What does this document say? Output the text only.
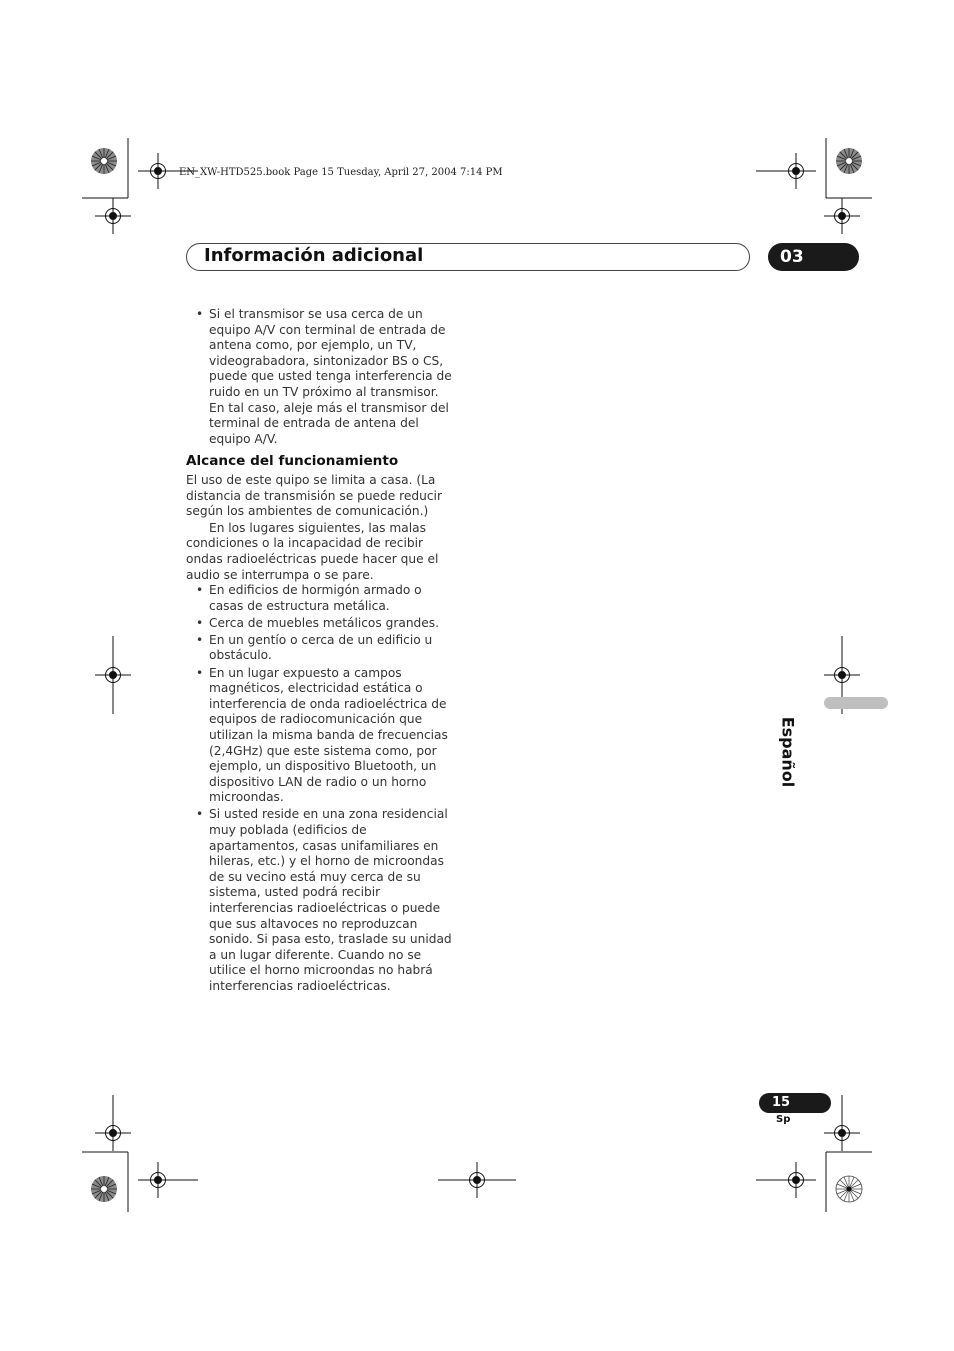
EN_XW-HTD525.book Page 15 Tuesday, April 27, 2004 7:14 PM
Información adicional	03
• Si el transmisor se usa cerca de un equipo A/V con terminal de entrada de antena como, por ejemplo, un TV, videograbadora, sintonizador BS o CS, puede que usted tenga interferencia de ruido en un TV próximo al transmisor. En tal caso, aleje más el transmisor del terminal de entrada de antena del equipo A/V.
Alcance del funcionamiento

El uso de este quipo se limita a casa. (La distancia de transmisión se puede reducir según los ambientes de comunicación.)

En los lugares siguientes, las malas condiciones o la incapacidad de recibir ondas radioeléctricas puede hacer que el audio se interrumpa o se pare.

• En edificios de hormigón armado o casas de estructura metálica.
• Cerca de muebles metálicos grandes.
• En un gentío o cerca de un edificio u obstáculo.
• En un lugar expuesto a campos magnéticos, electricidad estática o interferencia de onda radioeléctrica de equipos de radiocomunicación que utilizan la misma banda de frecuencias (2,4GHz) que este sistema como, por ejemplo, un dispositivo Bluetooth, un dispositivo LAN de radio o un horno microondas.
• Si usted reside en una zona residencial muy poblada (edificios de apartamentos, casas unifamiliares en hileras, etc.) y el horno de microondas de su vecino está muy cerca de su sistema, usted podrá recibir interferencias radioeléctricas o puede que sus altavoces no reproduzcan sonido. Si pasa esto, traslade su unidad a un lugar diferente. Cuando no se utilice el horno microondas no habrá interferencias radioeléctricas.
Español
15
Sp
